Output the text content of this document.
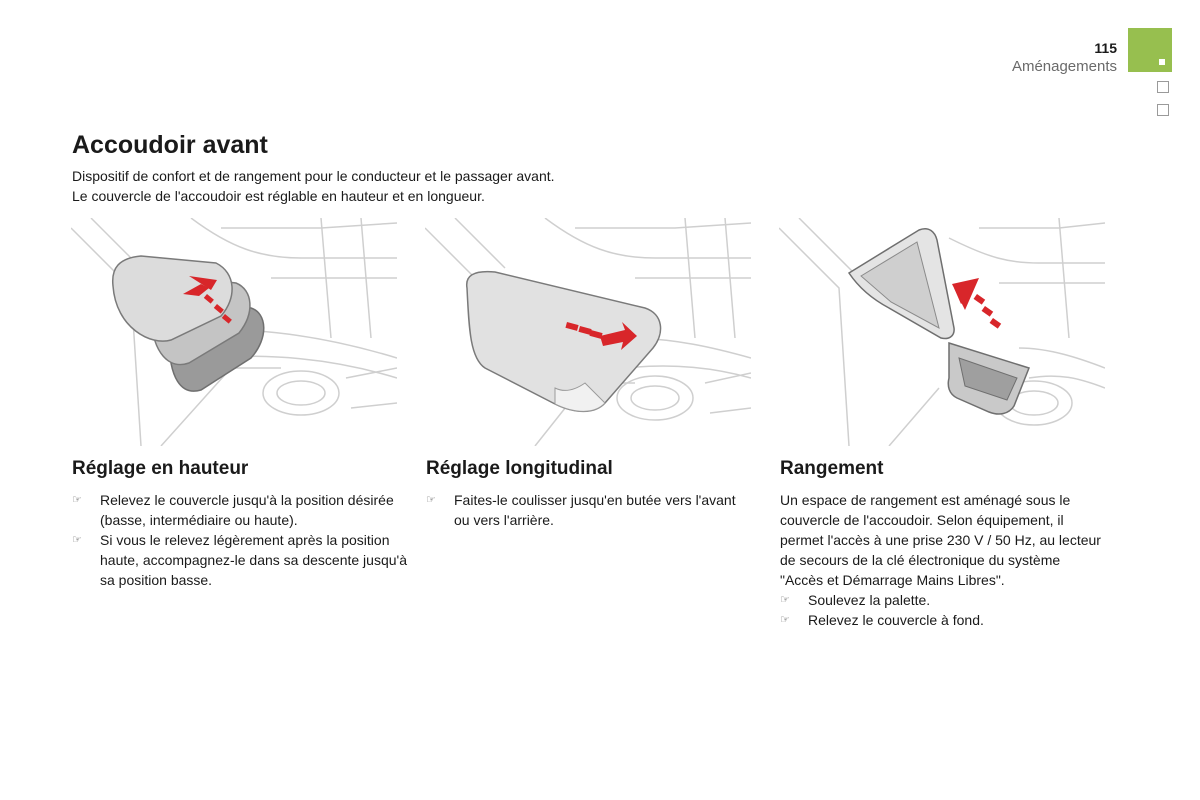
115
Aménagements
Accoudoir avant

Dispositif de confort et de rangement pour le conducteur et le passager avant.

Le couvercle de l'accoudoir est réglable en hauteur et en longueur.

Réglage en hauteur
☞ Relevez le couvercle jusqu'à la position désirée (basse, intermédiaire ou haute).
☞ Si vous le relevez légèrement après la position haute, accompagnez-le dans sa descente jusqu'à sa position basse.
Réglage longitudinal
☞ Faites-le coulisser jusqu'en butée vers l'avant ou vers l'arrière.
Rangement

Un espace de rangement est aménagé sous le couvercle de l'accoudoir. Selon équipement, il permet l'accès à une prise 230 V / 50 Hz, au lecteur de secours de la clé électronique du système "Accès et Démarrage Mains Libres".

☞ Soulevez la palette.
☞ Relevez le couvercle à fond.
